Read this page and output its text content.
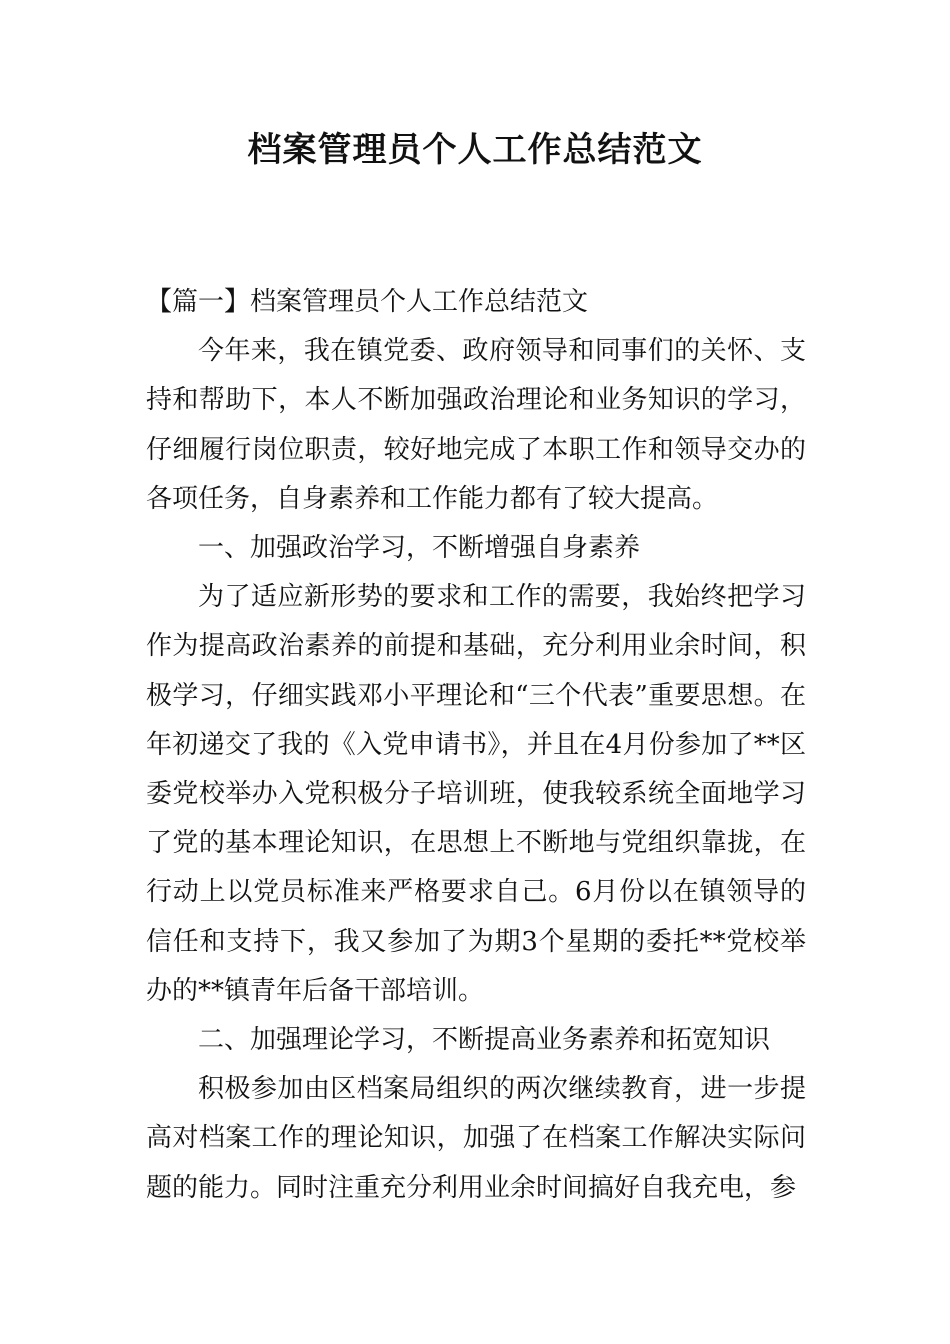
档案管理员个人工作总结范文

【篇一】档案管理员个人工作总结范文

今年来，我在镇党委、政府领导和同事们的关怀、支持和帮助下，本人不断加强政治理论和业务知识的学习，仔细履行岗位职责，较好地完成了本职工作和领导交办的各项任务，自身素养和工作能力都有了较大提高。

一、加强政治学习，不断增强自身素养

为了适应新形势的要求和工作的需要，我始终把学习作为提高政治素养的前提和基础，充分利用业余时间，积极学习，仔细实践邓小平理论和“三个代表”重要思想。在年初递交了我的《入党申请书》，并且在4月份参加了**区委党校举办入党积极分子培训班，使我较系统全面地学习了党的基本理论知识，在思想上不断地与党组织靠拢，在行动上以党员标准来严格要求自己。6月份以在镇领导的信任和支持下，我又参加了为期3个星期的委托**党校举办的**镇青年后备干部培训。

二、加强理论学习，不断提高业务素养和拓宽知识

积极参加由区档案局组织的两次继续教育，进一步提高对档案工作的理论知识，加强了在档案工作解决实际问题的能力。同时注重充分利用业余时间搞好自我充电，参
